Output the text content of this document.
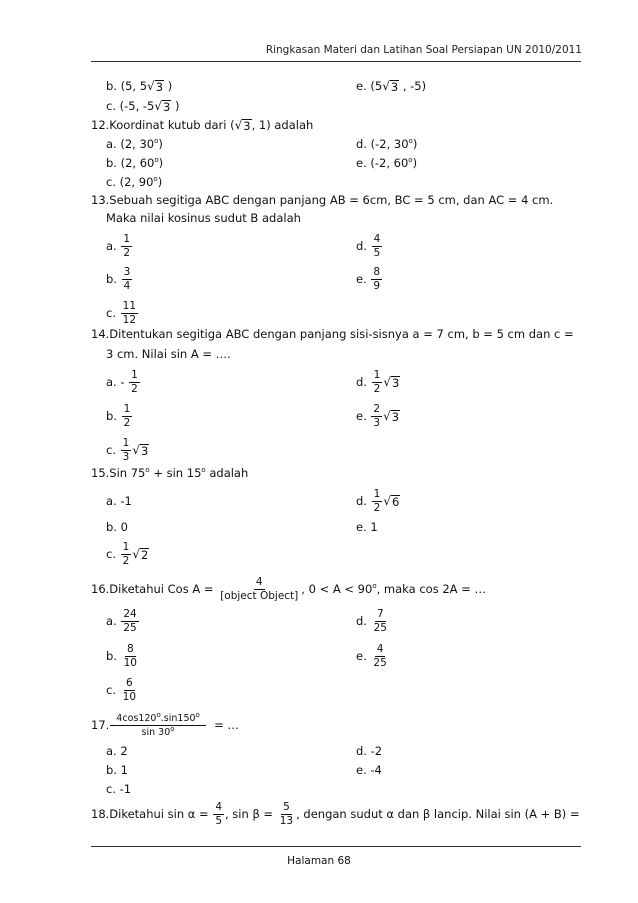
Ringkasan Materi dan Latihan Soal Persiapan UN 2010/2011
b. (5, 5 √ 3 )	e. (5 √ 3 , -5)
c. (-5, -5 √ 3 )
12.Koordinat kutub dari ( √ 3 , 1) adalah
a. (2, 30$^o$)	d. (-2, 30$^o$)
b. (2, 60$^o$)	e. (-2, 60$^o$)
c. (2, 90$^o$)
13.Sebuah segitiga ABC dengan panjang AB = 6cm, BC = 5 cm, dan AC = 4 cm.
Maka nilai kosinus sudut B adalah
a. $\frac{1}{2}$	d. $\frac{4}{5}$
b. $\frac{3}{4}$	e. $\frac{8}{9}$
c. $\frac{11}{12}$
14.Ditentukan segitiga ABC dengan panjang sisi-sisnya a = 7 cm, b = 5 cm dan c =
3 cm. Nilai sin A = ….
a. - $\frac{1}{2}$	d. $\frac{1}{2}$ √ 3
b. $\frac{1}{2}$	e. $\frac{2}{3}$ √ 3
c. $\frac{1}{3}$ √ 3
15.Sin $75^o + \sin 15^o$ adalah
a. -1	d. $\frac{1}{2}$ √ 6
b. 0	e. 1
c. $\frac{1}{2}$ √ 2
16.Diketahui Cos $A = \frac{4}{\text{[object Object]}}$ , $0 < A < 90^o$, maka cos 2A = …
a. $\frac{24}{25}$	d. $\frac{7}{25}$
b. $\frac{8}{10}$	e. $\frac{4}{25}$
c. $\frac{6}{10}$
17. $\frac{4\cos 120^o.\sin 150^o}{\sin 30^o}$ = …
a. 2	d. -2
b. 1	e. -4
c. -1
18.Diketahui $\sin \alpha = \frac{4}{5}$ , $\sin \beta = \frac{5}{13}$ , dengan sudut α dan β lancip. Nilai sin (A + B) =
Halaman 68
